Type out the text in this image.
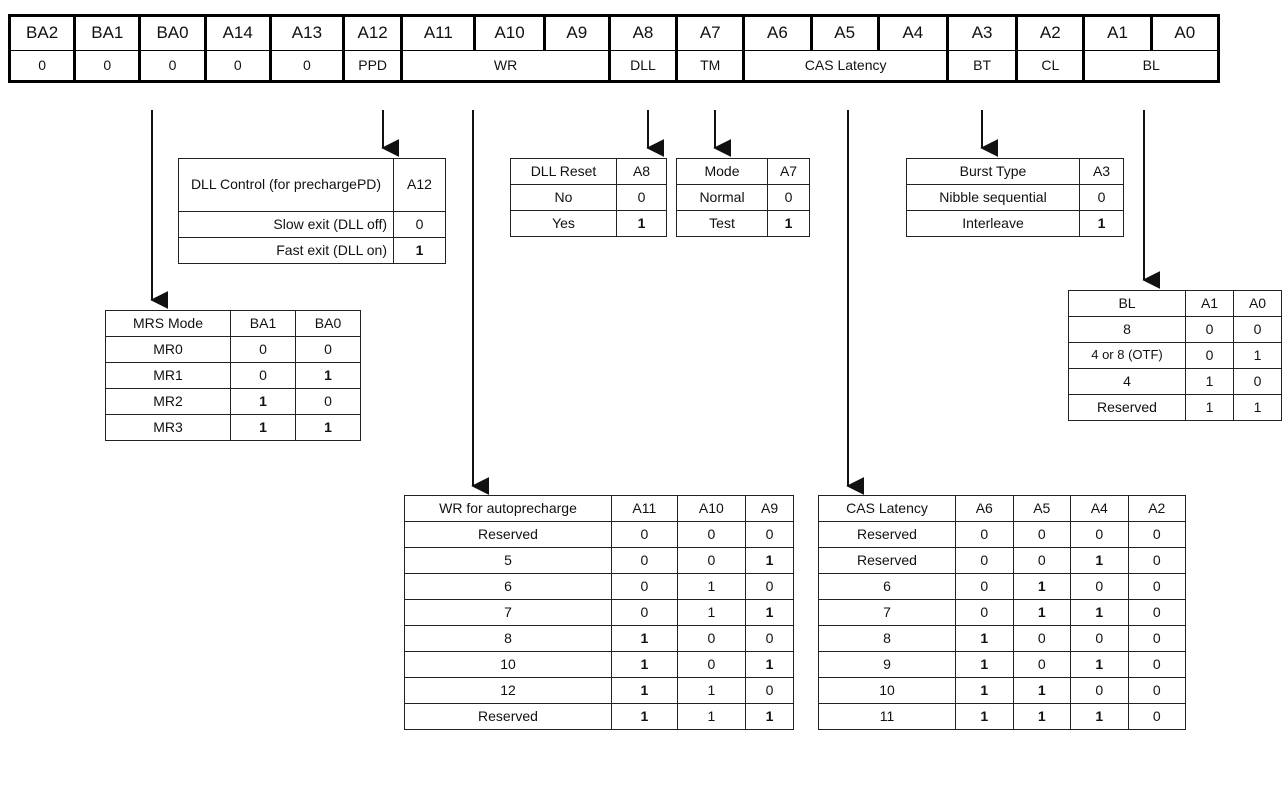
BA2	BA1	BA0	A14	A13	A12	A11	A10	A9	A8	A7	A6	A5	A4	A3	A2	A1	A0
0	0	0	0	0	PPD	WR			DLL	TM	CAS Latency			BT	CL	BL	
DLL Control (for prechargePD)	A12
Slow exit (DLL off)	0
Fast exit (DLL on)	1
DLL Reset	A8
No	0
Yes	1
Mode	A7
Normal	0
Test	1
Burst Type	A3
Nibble sequential	0
Interleave	1
BL	A1	A0
8	0	0
4 or 8 (OTF)	0	1
4	1	0
Reserved	1	1
MRS Mode	BA1	BA0
MR0	0	0
MR1	0	1
MR2	1	0
MR3	1	1
WR for autoprecharge	A11	A10	A9
Reserved	0	0	0
5	0	0	1
6	0	1	0
7	0	1	1
8	1	0	0
10	1	0	1
12	1	1	0
Reserved	1	1	1
CAS Latency	A6	A5	A4	A2
Reserved	0	0	0	0
Reserved	0	0	1	0
6	0	1	0	0
7	0	1	1	0
8	1	0	0	0
9	1	0	1	0
10	1	1	0	0
11	1	1	1	0
